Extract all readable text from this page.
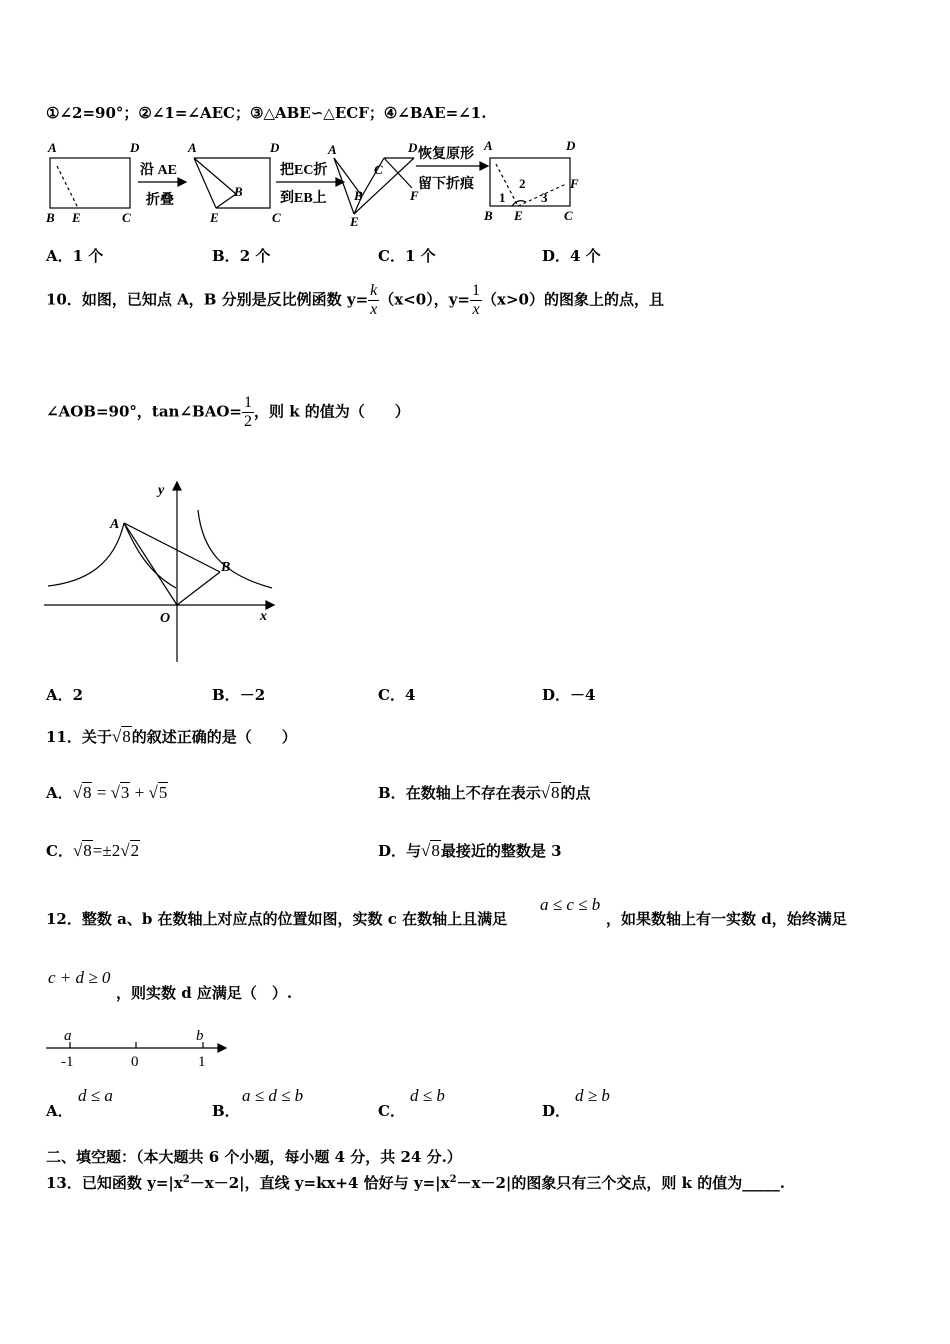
①∠2=90°；②∠1=∠AEC；③△ABE∽△ECF；④∠BAE=∠1.
A	D
B E	C
A	D
B
E	C
A	D
C
B
E
F
A	D
B E	C
F
1
2
3
沿 AE
折叠
把EC折
到EB上
恢复原形
留下折痕
A．1 个	B．2 个	C．1 个	D．4 个
10．如图，已知点 A，B 分别是反比例函数 $y= \frac{k}{x} (x<0)$，$y= \frac{1}{x} (x>0)$的图象上的点，且
∠AOB=90°，tan∠BAO= $\frac{1}{2}$ ，则 k 的值为（　　）
y
x
A
B
O
A．2	B．－2	C．4	D．－4
11．关于√8的叙述正确的是（　　）
A．√8 = √3 + √5	B．在数轴上不存在表示√8的点
C．√8=±2√2	D．与√8最接近的整数是 3
12．整数 a、b 在数轴上对应点的位置如图，实数 c 在数轴上且满足
a ≤ c ≤ b
，如果数轴上有一实数 d，始终满足
c + d ≥ 0
，则实数 d 应满足（　）.
a	b
-1	0	1
A．
d ≤ a
B．
a ≤ d ≤ b
C．
d ≤ b
D．
d ≥ b
二、填空题：（本大题共 6 个小题，每小题 4 分，共 24 分.）
13．已知函数 $y=|x^2-x-2|$，直线 y=kx+4 恰好与 $y=|x^2-x-2|$的图象只有三个交点，则 k 的值为_____.
